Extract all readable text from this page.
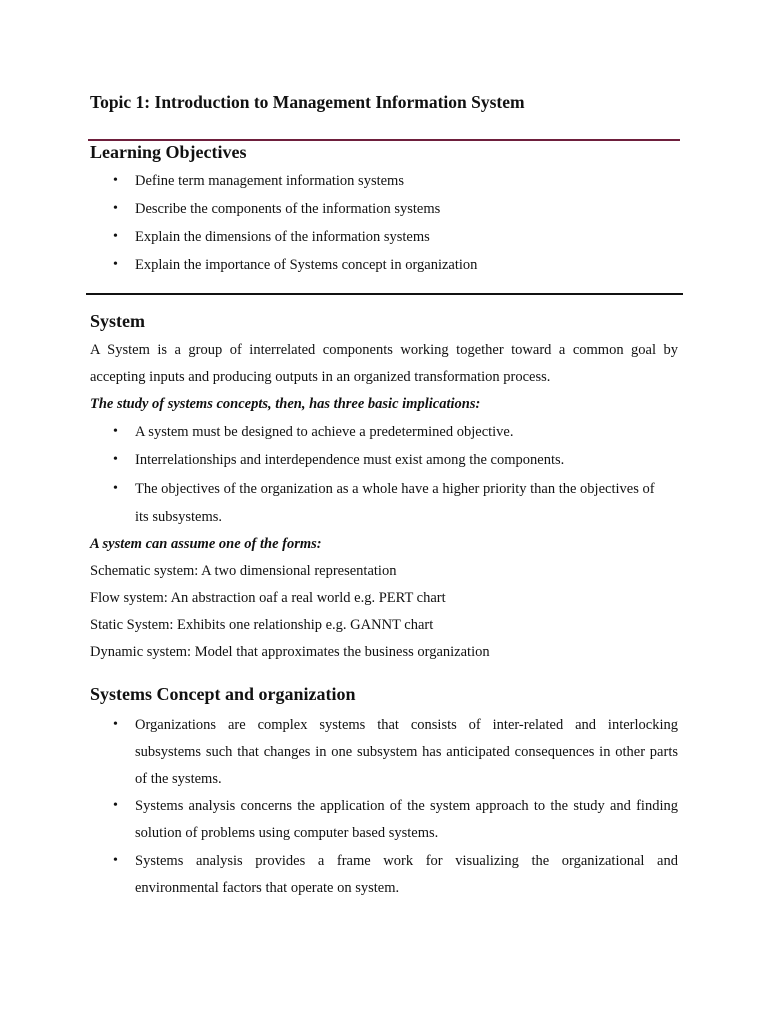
Topic 1: Introduction to Management Information System
Learning Objectives
• Define term management information systems
• Describe the components of the information systems
• Explain the dimensions of the information systems
• Explain the importance of Systems concept in organization
System
A System is a group of interrelated components working together toward a common goal by
accepting inputs and producing outputs in an organized transformation process.
The study of systems concepts, then, has three basic implications:
• A system must be designed to achieve a predetermined objective.
• Interrelationships and interdependence must exist among the components.
• The objectives of the organization as a whole have a higher priority than the objectives of
its subsystems.
A system can assume one of the forms:
Schematic system: A two dimensional representation
Flow system: An abstraction oaf a real world e.g. PERT chart
Static System: Exhibits one relationship e.g. GANNT chart
Dynamic system: Model that approximates the business organization
Systems Concept and organization
• Organizations are complex systems that consists of inter-related and interlocking
subsystems such that changes in one subsystem has anticipated consequences in other parts
of the systems.
• Systems analysis concerns the application of the system approach to the study and finding
solution of problems using computer based systems.
• Systems analysis provides a frame work for visualizing the organizational and
environmental factors that operate on system.
